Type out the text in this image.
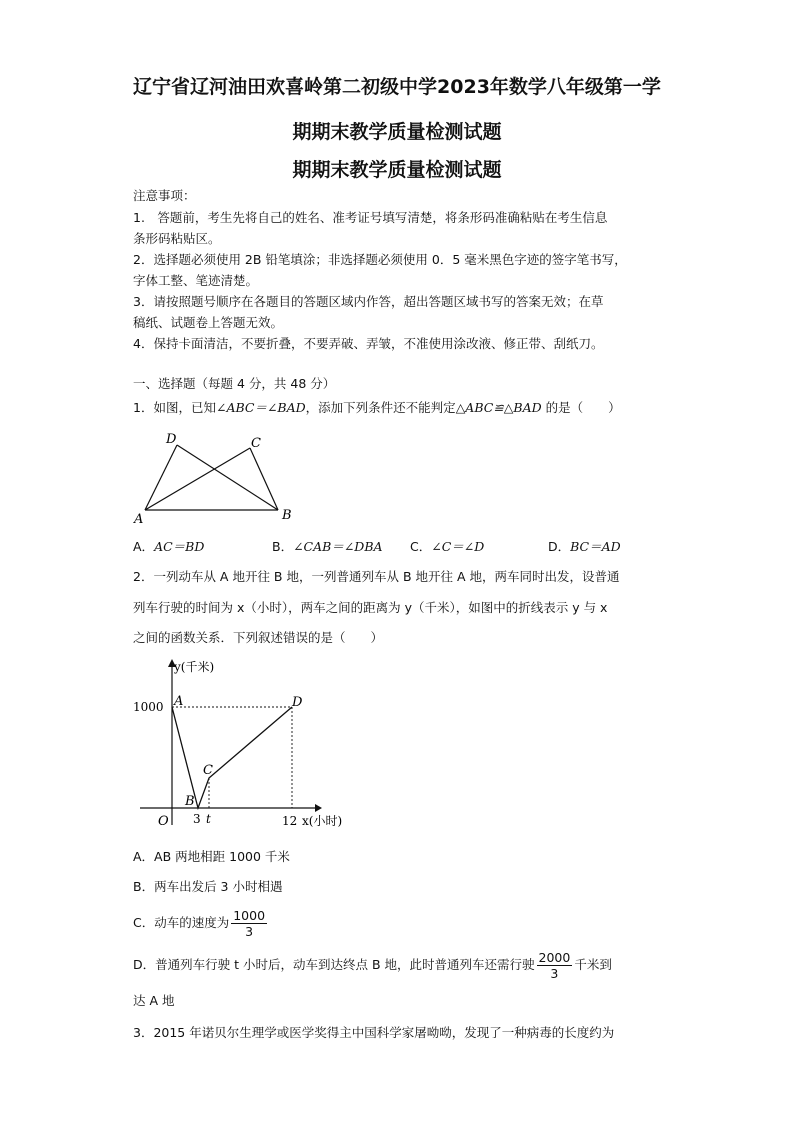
辽宁省辽河油田欢喜岭第二初级中学2023年数学八年级第一学
期期末教学质量检测试题
期期末教学质量检测试题
注意事项：
1.　答题前，考生先将自己的姓名、准考证号填写清楚，将条形码准确粘贴在考生信息
条形码粘贴区。
2．选择题必须使用 2B 铅笔填涂；非选择题必须使用 0．5 毫米黑色字迹的签字笔书写，
字体工整、笔迹清楚。
3．请按照题号顺序在各题目的答题区域内作答，超出答题区域书写的答案无效；在草
稿纸、试题卷上答题无效。
4．保持卡面清洁，不要折叠，不要弄破、弄皱，不准使用涂改液、修正带、刮纸刀。
一、选择题（每题 4 分，共 48 分）
1．如图，已知∠ABC＝∠BAD，添加下列条件还不能判定△ABC≌△BAD 的是（　　）
D	C
A	B
A．AC＝BD	B．∠CAB＝∠DBA C．∠C＝∠D	D．BC＝AD
2．一列动车从 A 地开往 B 地，一列普通列车从 B 地开往 A 地，两车同时出发，设普通
列车行驶的时间为 x（小时），两车之间的距离为 y（千米），如图中的折线表示 y 与 x
之间的函数关系．下列叙述错误的是（　　）
y(千米)
x(小时)
O
1000
3 t	12
A
B
C
D
A．AB 两地相距 1000 千米
B．两车出发后 3 小时相遇
C．动车的速度为 $\frac{1000}{3}$
D．普通列车行驶 t 小时后，动车到达终点 B 地，此时普通列车还需行驶 $\frac{2000}{3}$ 千米到
达 A 地
3．2015 年诺贝尔生理学或医学奖得主中国科学家屠呦呦，发现了一种病毒的长度约为
